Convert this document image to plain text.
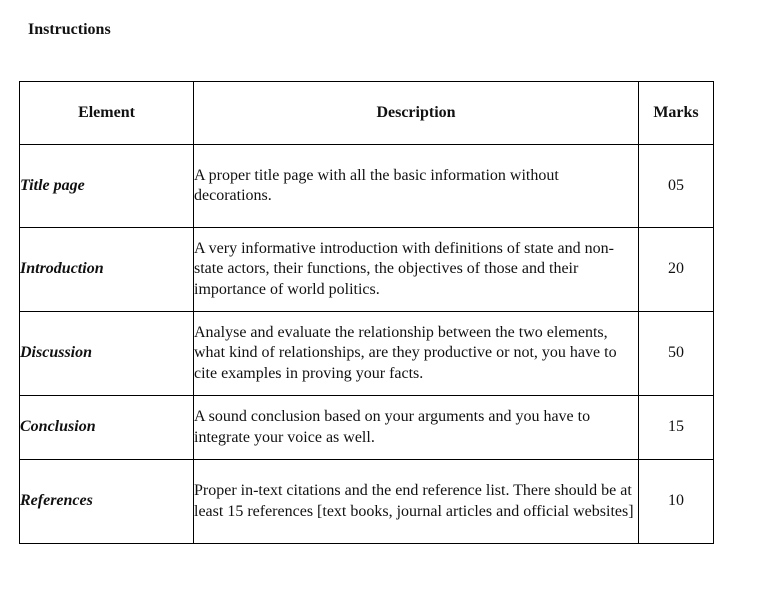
Instructions
Element	Description	Marks
Title page	A proper title page with all the basic information without decorations.	05
Introduction	A very informative introduction with definitions of state and non-state actors, their functions, the objectives of those and their importance of world politics.	20
Discussion	Analyse and evaluate the relationship between the two elements, what kind of relationships, are they productive or not, you have to cite examples in proving your facts.	50
Conclusion	A sound conclusion based on your arguments and you have to integrate your voice as well.	15
References	Proper in-text citations and the end reference list. There should be at least 15 references [text books, journal articles and official websites]	10
